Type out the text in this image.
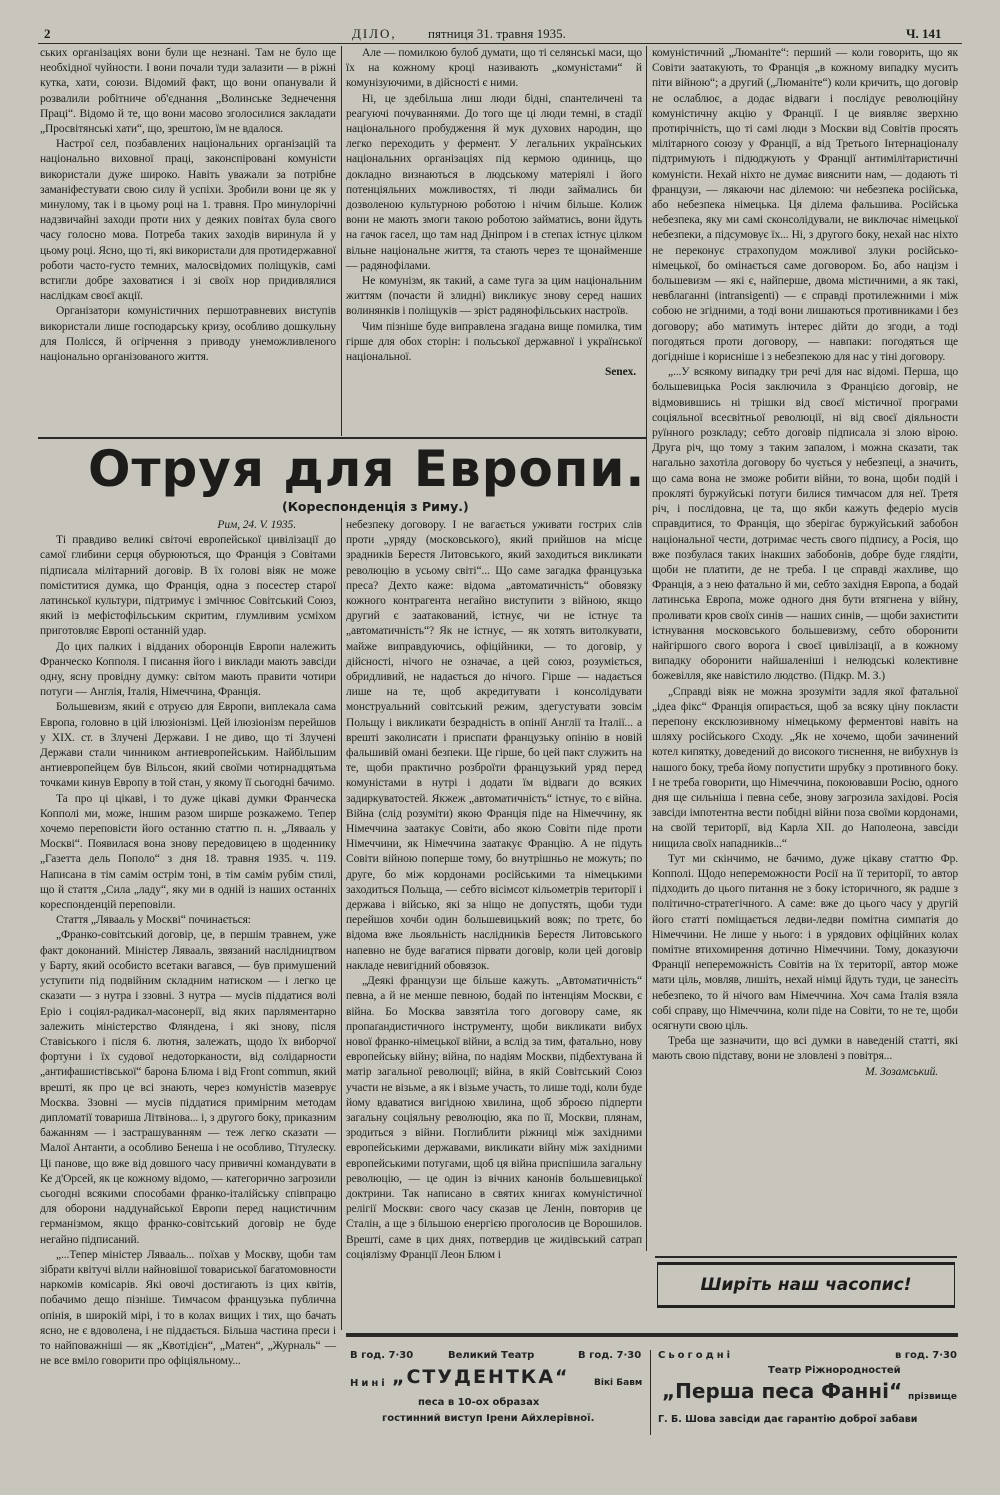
2	ДІЛО, пятниця 31. травня 1935.	Ч. 141

ських організаціях вони були ще незнані. Там не було ще необхідної чуйности. І вони почали туди залазити — в ріжні кутка, хати, союзи. Відомий факт, що вони опанували й розвалили робітниче об'єднання „Волинське Зеднечення Праці“. Відомо й те, що вони масово зголосилися закладати „Просвітянські хати“, що, зрештою, їм не вдалося.

Настрої сел, позбавлених національних організацій та національно виховної праці, законспіровані комуністи використали дуже широко. Навіть уважали за потрібне заманіфестувати свою силу й успіхи. Зробили вони це як у минулому, так і в цьому році на 1. травня. Про минулорічні надзвичайні заходи проти них у деяких повітах була свого часу голосно мова. Потреба таких заходів виринула й у цьому році. Ясно, що ті, які використали для протидержавної роботи часто-густо темних, малосвідомих поліщуків, самі встигли добре заховатися і зі своїх нор придивлялися наслідкам своєї акції.

Організатори комуністичних першотравневих виступів використали лише господарську кризу, особливо дошкульну для Полісся, й огірчення з приводу унеможливленого національно організованого життя.

Але — помилкою булоб думати, що ті селянські маси, що їх на кожному кроці називають „комуністами“ й комунізуючими, в дійсності є ними.

Ні, це здебільша лиш люди бідні, спантеличені та реагуючі почуваннями. До того ще ці люди темні, в стадії національного пробудження й мук духових народин, що легко переходить у фермент. У легальних українських національних організаціях під кермою одиниць, що докладно визнаються в людському матеріялі і його потенціяльних можливостях, ті люди займались би дозволеною культурною роботою і нічим більше. Колиж вони не мають змоги такою роботою займатись, вони йдуть на гачок гасел, що там над Дніпром і в степах істнує цілком вільне національне життя, та стають через те щонайменше — радянофілами.

Не комунізм, як такий, а саме туга за цим національним життям (почасти й злидні) викликує знову серед наших волинянків і поліщуків — зріст радянофільських настроїв.

Чим пізніше буде виправлена згадана вище помилка, тим гірше для обох сторін: і польської державної і української національної.

Senex.

комуністичний „Люманіте“: перший — коли говорить, що як Совіти заатакують, то Франція „в кожному випадку мусить піти війною“; а другий („Люманіте“) коли кричить, що договір не ослаблює, а додає відваги і послідує революційну комуністичну акцію у Франції. І це виявляє зверхню протирічність, що ті самі люди з Москви від Совітів просять мілітарного союзу у Франції, а від Третього Інтернаціоналу підтримують і підюджують у Франції антимілітаристичні комуністи. Нехай ніхто не думає вияснити нам, — додають ті французи, — лякаючи нас ділемою: чи небезпека російська, або небезпека німецька. Ця ділема фальшива. Російська небезпека, яку ми самі сконсолідували, не виключає німецької небезпеки, а підсумовує їх... Ні, з другого боку, нехай нас ніхто не переконує страхопудом можливої злуки російсько-німецької, бо омінається саме договором. Бо, або націзм і большевизм — які є, найперше, двома містичними, а як такі, невблаганні (intransigenti) — є справді протилежними і між собою не згідними, а тоді вони лишаються противниками і без договору; або матимуть інтерес дійти до згоди, а тоді погодяться проти договору, — навпаки: погодяться ще догідніше і корисніше і з небезпекою для нас у тіні договору.

„...У всякому випадку три речі для нас відомі. Перша, що большевицька Росія заключила з Францією договір, не відмовившись ні трішки від своєї містичної програми соціяльної всесвітньої революції, ні від своєї діяльности руїнного розкладу; себто договір підписала зі злою вірою. Друга річ, що тому з таким запалом, і можна сказати, так нагально захотіла договору бо чується у небезпеці, а значить, що сама вона не зможе робити війни, то вона, щоби подій і прокляті буржуйські потуги билися тимчасом для неї. Третя річ, і послідовна, це та, що якби кажуть федеріо мусів справдитися, то Франція, що зберігає буржуйський забобон національної чести, дотримає честь свого підпису, а Росія, що вже позбулася таких інакших забобонів, добре буде глядіти, щоби не платити, де не треба. І це справді жахливе, що Франція, а з нею фатально й ми, себто західня Европа, а бодай латинська Европа, може одного дня бути втягнена у війну, проливати кров своїх синів — наших синів, — щоби захистити істнування московського большевизму, себто оборонити найгіршого свого ворога і своєї цивілізації, а в кожному випадку оборонити найшаленіші і нелюдські колективне божевілля, яке навістило людство. (Підкр. М. З.)

„Справді віяк не можна зрозуміти задля якої фатальної „ідеа фікс“ Франція опирається, щоб за всяку ціну покласти перепону ексклюзивному німецькому ферментові навіть на шляху російського Сходу. „Як не хочемо, щоби зачинений котел кипятку, доведений до високого тиснення, не вибухнув із нашого боку, треба йому попустити шрубку з противного боку. І не треба говорити, що Німеччина, покоювавши Росію, одного дня ще сильніша і певна себе, знову загрозила західові. Росія завсіди імпотентна вести побідні війни поза своїми кордонами, на своїй території, від Карла XII. до Наполеона, завсіди нищила своїх нападників...“

Тут ми скінчимо, не бачимо, дуже цікаву статтю Фр. Копполі. Щодо непереможности Росії на її території, то автор підходить до цього питання не з боку історичного, як радше з політично-стратегічного. А саме: вже до цього часу у другій його статті поміщається ледви-ледви помітна симпатія до Німеччини. Не лише у нього: і в урядових офіційних колах помітне втихомирення дотично Німеччини. Тому, доказуючи Франції непереможність Совітів на їх території, автор може мати ціль, мовляв, лишіть, нехай німці йдуть туди, це занесіть небезпеко, то й нічого вам Німеччина. Хоч сама Італія взяла собі справу, що Німеччина, коли піде на Совіти, то не те, щоби осягнути свою ціль.

Треба ще зазначити, що всі думки в наведеній статті, які мають свою підставу, вони не зловлені з повітря...

М. Зозамський.

Отруя для Европи.
(Кореспонденція з Риму.)

Рим, 24. V. 1935.

Ті правдиво великі світочі европейської цивілізації до самої глибини серця обурюються, що Франція з Совітами підписала мілітарний договір. В їх голові віяк не може поміститися думка, що Франція, одна з посестер старої латинської культури, підтримує і змічнює Совітський Союз, який із мефістофільським скритим, глумливим усміхом приготовляє Европі останній удар.

До цих палких і відданих оборонців Европи належить Франческо Копполя. І писання його і виклади мають завсіди одну, ясну провідну думку: світом мають правити чотири потуги — Англія, Італія, Німеччина, Франція.

Большевизм, який є отруєю для Европи, виплекала сама Европа, головно в цій ілюзіонізмі. Цей ілюзіонізм перейшов у XIX. ст. в Злучені Держави. І не диво, що ті Злучені Держави стали чинником антиевропейським. Найбільшим антиевропейцем був Вільсон, який своїми чотирнадцятьма точками кинув Европу в той стан, у якому її сьогодні бачимо.

Та про ці цікаві, і то дуже цікаві думки Франческа Копполі ми, може, іншим разом ширше розкажемо. Тепер хочемо переповісти його останню статтю п. н. „Лявааль у Москві“. Появилася вона знову передовицею в щоденнику „Газетта дель Пополо“ з дня 18. травня 1935. ч. 119. Написана в тім самім острім тоні, в тім самім рубім стилі, що й стаття „Сила „ладу“, яку ми в одній із наших останніх кореспонденцій переповіли.

Стаття „Лявааль у Москві“ починається:

„Франко-совітський договір, це, в першім травнем, уже факт доконаний. Міністер Лявааль, звязаний наслідництвом у Барту, який особисто всетаки вагався, — був примушений уступити під подвійним складним натиском — і легко це сказати — з нутра і ззовні. З нутра — мусів піддатися волі Еріо і соціял-радикал-масонерії, від яких парляментарно залежить міністерство Фляндена, і які знову, після Ставіського і після 6. лютня, залежать, щодо їх виборчої фортуни і їх судової недоторканости, від солідарности „антифашистівської“ барона Блюма і від Front commun, який врешті, як про це всі знають, через комуністів мазеврує Москва. Ззовні — мусів піддатися примірним методам дипломатії товариша Літвінова... і, з другого боку, приказним бажанням — і застрашуванням — теж легко сказати — Малої Антанти, а особливо Бенеша і не особливо, Тітулеску. Ці панове, що вже від довшого часу привичні командувати в Ке д'Орсей, як це кожному відомо, — категорично загрозили сьогодні всякими способами франко-італійську співпрацю для оборони наддунайської Европи перед нацистичним германізмом, якщо франко-совітський договір не буде негайно підписаний.

„...Тепер міністер Лявааль... поїхав у Москву, щоби там зібрати квітучі вілли найновішої товариської багатомовности наркомів комісарів. Які овочі достигають із цих квітів, побачимо дещо пізніше. Тимчасом французька публична опінія, в широкій мірі, і то в колах вищих і тих, що бачать ясно, не є вдоволена, і не піддається. Більша частина преси і то найповажніші — як „Квотідієн“, „Матен“, „Журналь“ — не все вміло говорити про офіціяльному...

небезпеку договору. І не вагається уживати гострих слів проти „уряду (московського), який прийшов на місце зрадників Берестя Литовського, який заходиться викликати революцію в усьому світі“... Що саме загадка французька преса? Дехто каже: відома „автоматичність“ обовязку кожного контрагента негайно виступити з війною, якщо другий є заатакований, істнує, чи не істнує та „автоматичність“? Як не істнує, — як хотять витолкувати, майже виправдуючись, офіційники, — то договір, у дійсності, нічого не означає, а цей союз, розуміється, обридливий, не надається до нічого. Гірше — надається лише на те, щоб акредитувати і консолідувати монструальний совітський режим, здегустувати зовсім Польщу і викликати безрадність в опінії Англії та Італії... а врешті заколисати і приспати французьку опінію в новій фальшивій омані безпеки. Ще гірше, бо цей пакт служить на те, щоби практично розброїти французький уряд перед комуністами в нутрі і додати їм відваги до всяких задиркуватостей. Якжеж „автоматичність“ істнує, то є війна. Війна (слід розуміти) якою Франція піде на Німеччину, як Німеччина заатакує Совіти, або якою Совіти піде проти Німеччини, як Німеччина заатакує Францію. А не підуть Совіти війною поперше тому, бо внутрішньо не можуть; по друге, бо між кордонами російськими та німецькими заходиться Польща, — себто вісімсот кільометрів території і держава і військо, які за ніщо не допустять, щоби туди перейшов хочби один большевицький вояк; по третє, бо відома вже льояльність наслідників Берестя Литовського напевно не буде вагатися пірвати договір, коли цей договір накладе невигідний обовязок.

„Деякі французи ще більше кажуть. „Автоматичність“ певна, а й не менше певною, бодай по інтенціям Москви, є війна. Бо Москва завзятіла того договору саме, як пропаґандистичного інструменту, щоби викликати вибух нової франко-німецької війни, а вслід за тим, фатально, нову европейську війну; війна, по надіям Москви, підбехтувана й матір загальної революції; війна, в якій Совітський Союз участи не візьме, а як і візьме участь, то лише тоді, коли буде йому вдаватися вигідною хвилина, щоб зброєю підперти загальну соціяльну революцію, яка по її, Москви, плянам, зродиться з війни. Поглиблити ріжниці між західними европейськими державами, викликати війну між західними европейськими потугами, щоб ця війна приспішила загальну революцію, — це один із вічних канонів большевицької доктрини. Так написано в святих книгах комуністичної релігії Москви: свого часу сказав це Ленін, повторив це Сталін, а ще з більшою енергією проголосив це Ворошилов. Врешті, саме в цих днях, потвердив це жидівський сатрап соціялізму Франції Леон Блюм і

Ширіть наш часопис!
В год. 7·30	Великий Театр	В год. 7·30
Нині „СТУДЕНТКА“	Вікі Бавм
песа в 10-ох образах
гостинний виступ Ірени Айхлерівної.
Сьогодні	в год. 7·30
Театр Ріжнородностей
„Перша песа Фанні“ прізвище
Г. Б. Шова завсіди дає гарантію доброї забави
